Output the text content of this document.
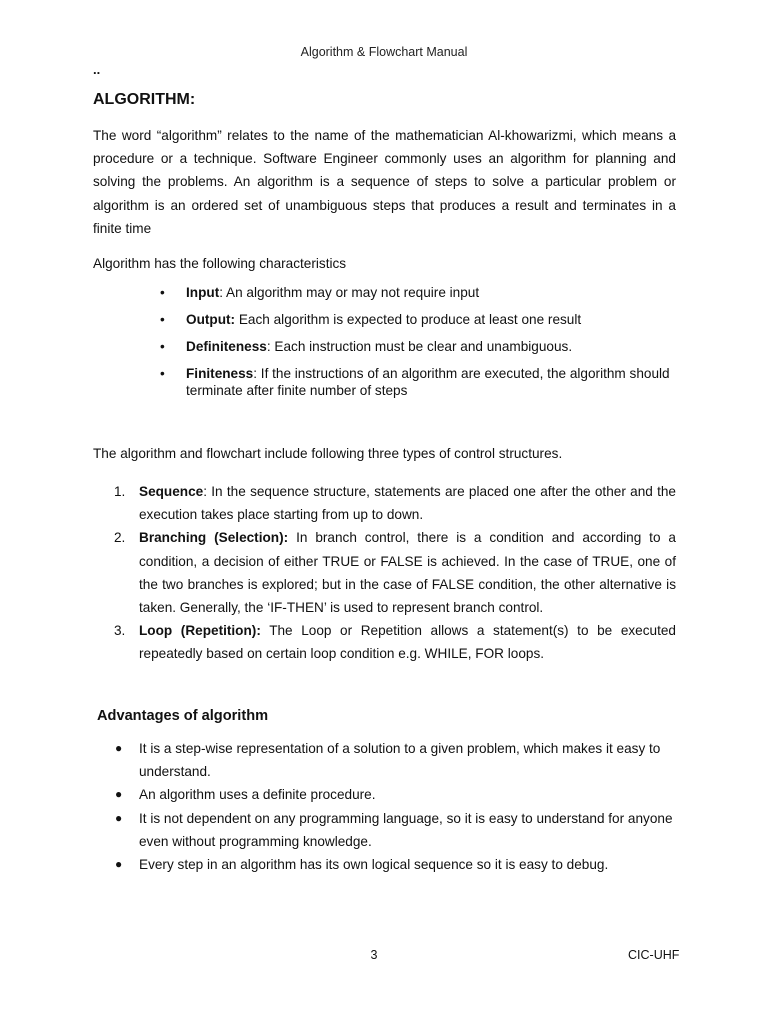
Algorithm & Flowchart Manual
..
ALGORITHM:

The word “algorithm” relates to the name of the mathematician Al-khowarizmi, which means a procedure or a technique. Software Engineer commonly uses an algorithm for planning and solving the problems. An algorithm is a sequence of steps to solve a particular problem or algorithm is an ordered set of unambiguous steps that produces a result and terminates in a finite time

Algorithm has the following characteristics

• Input: An algorithm may or may not require input
• Output: Each algorithm is expected to produce at least one result
• Definiteness: Each instruction must be clear and unambiguous.
• Finiteness: If the instructions of an algorithm are executed, the algorithm should terminate after finite number of steps

The algorithm and flowchart include following three types of control structures.

1. Sequence: In the sequence structure, statements are placed one after the other and the execution takes place starting from up to down.
2. Branching (Selection): In branch control, there is a condition and according to a condition, a decision of either TRUE or FALSE is achieved. In the case of TRUE, one of the two branches is explored; but in the case of FALSE condition, the other alternative is taken. Generally, the ‘IF-THEN’ is used to represent branch control.
3. Loop (Repetition): The Loop or Repetition allows a statement(s) to be executed repeatedly based on certain loop condition e.g. WHILE, FOR loops.
Advantages of algorithm
● It is a step-wise representation of a solution to a given problem, which makes it easy to understand.
● An algorithm uses a definite procedure.
● It is not dependent on any programming language, so it is easy to understand for anyone even without programming knowledge.
● Every step in an algorithm has its own logical sequence so it is easy to debug.
3	CIC-UHF
